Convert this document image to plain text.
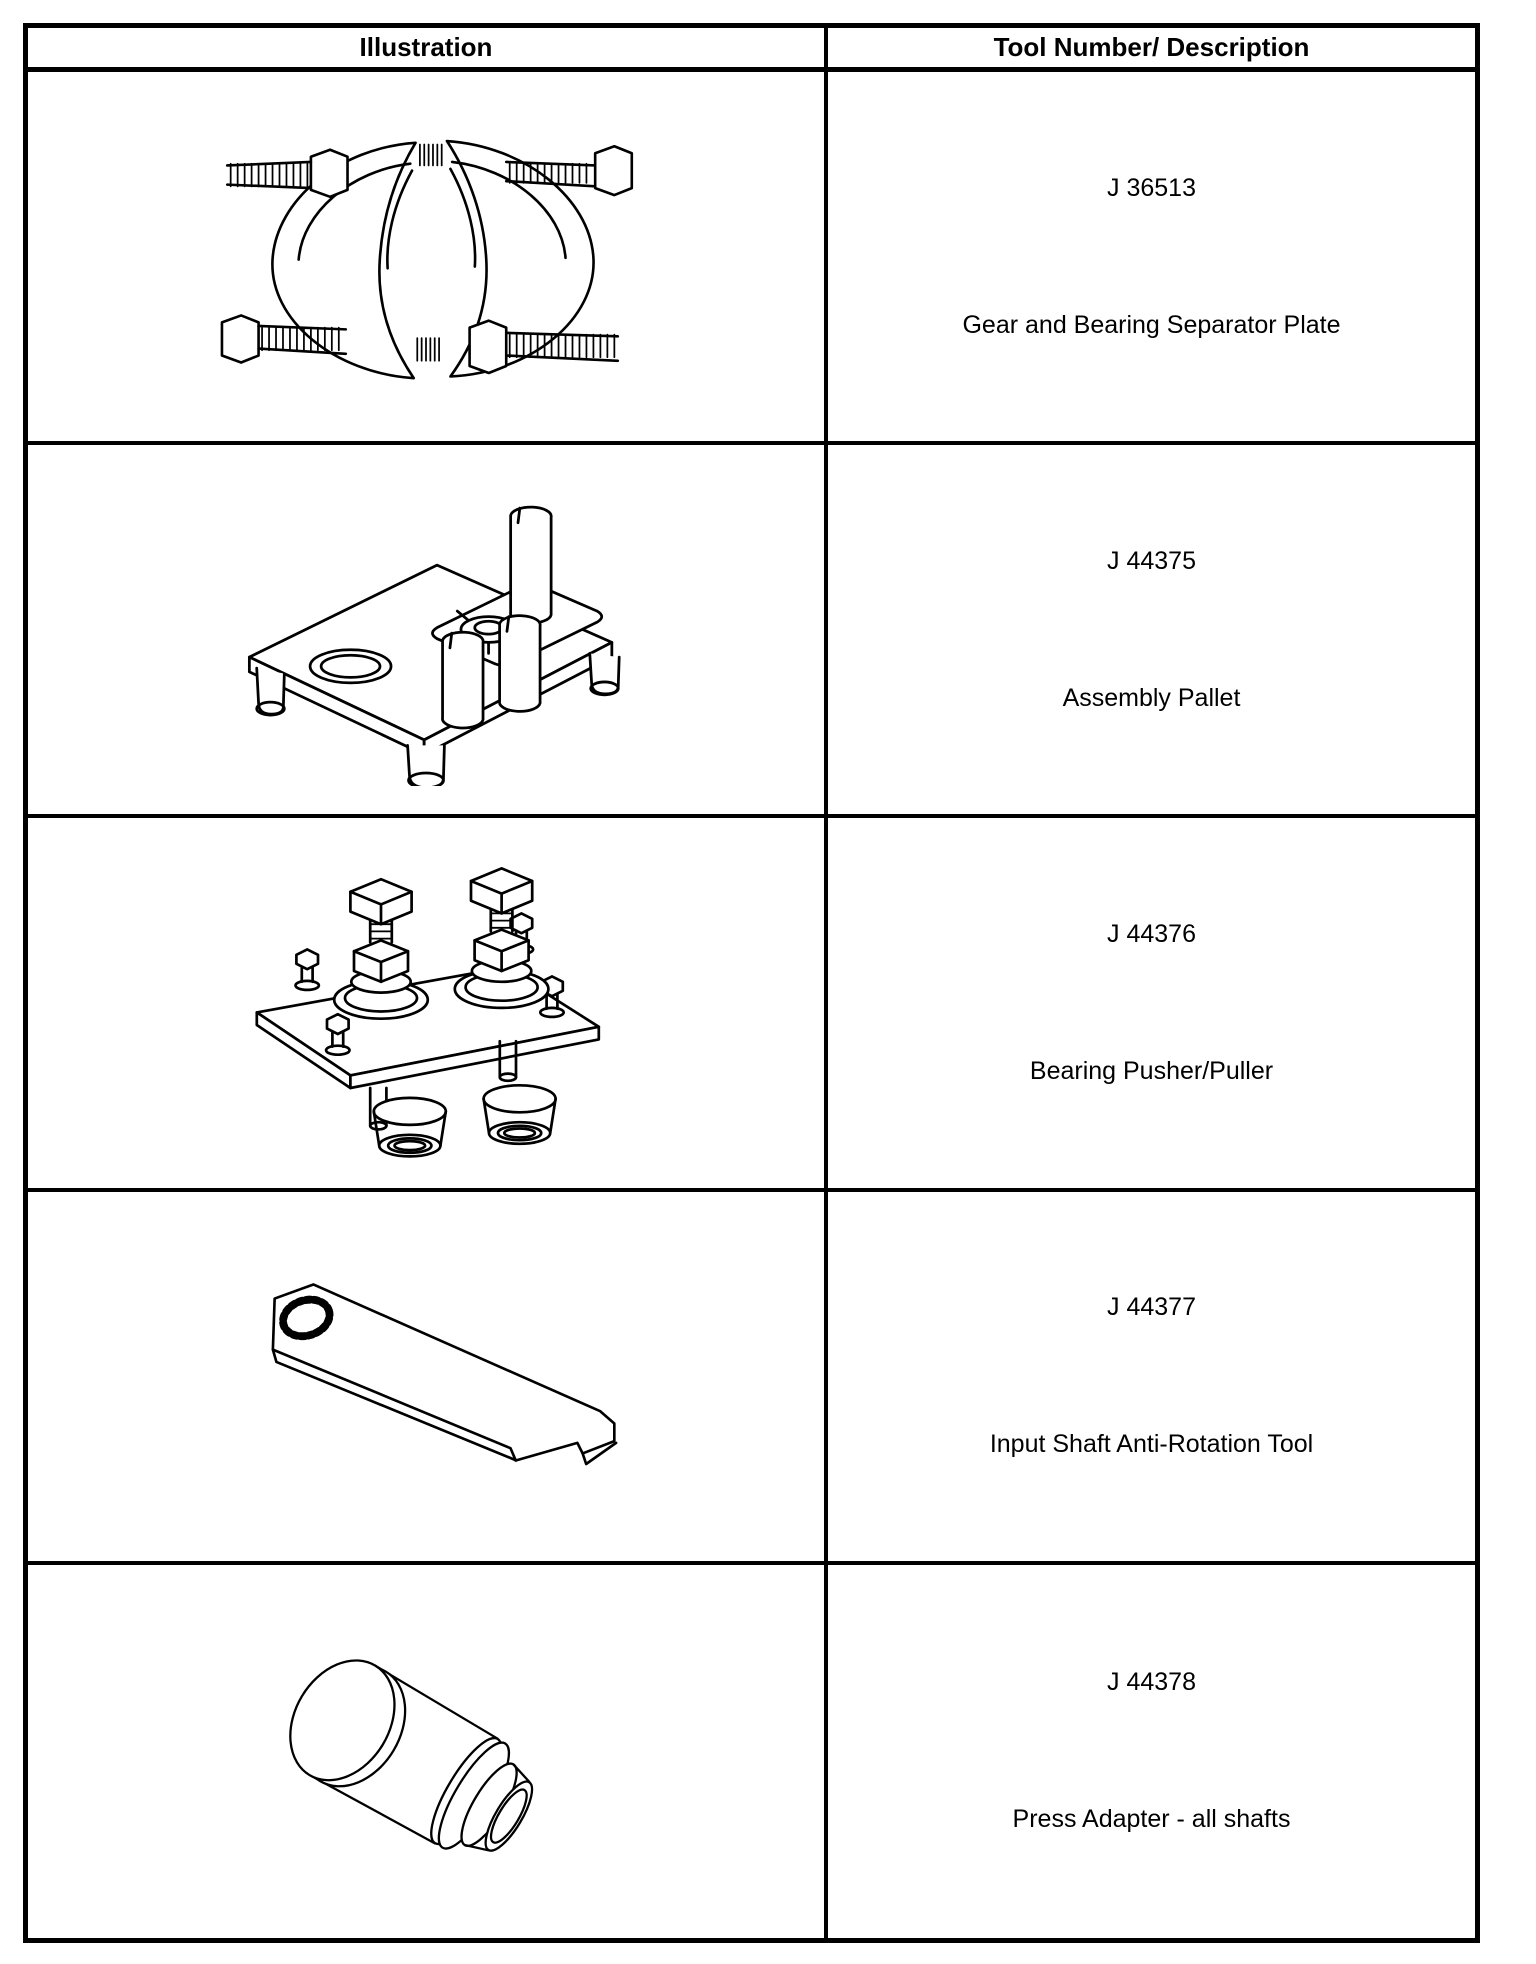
Illustration	Tool Number/ Description
J 36513
Gear and Bearing Separator Plate
J 44375
Assembly Pallet
J 44376
Bearing Pusher/Puller
J 44377
Input Shaft Anti-Rotation Tool
J 44378
Press Adapter - all shafts
